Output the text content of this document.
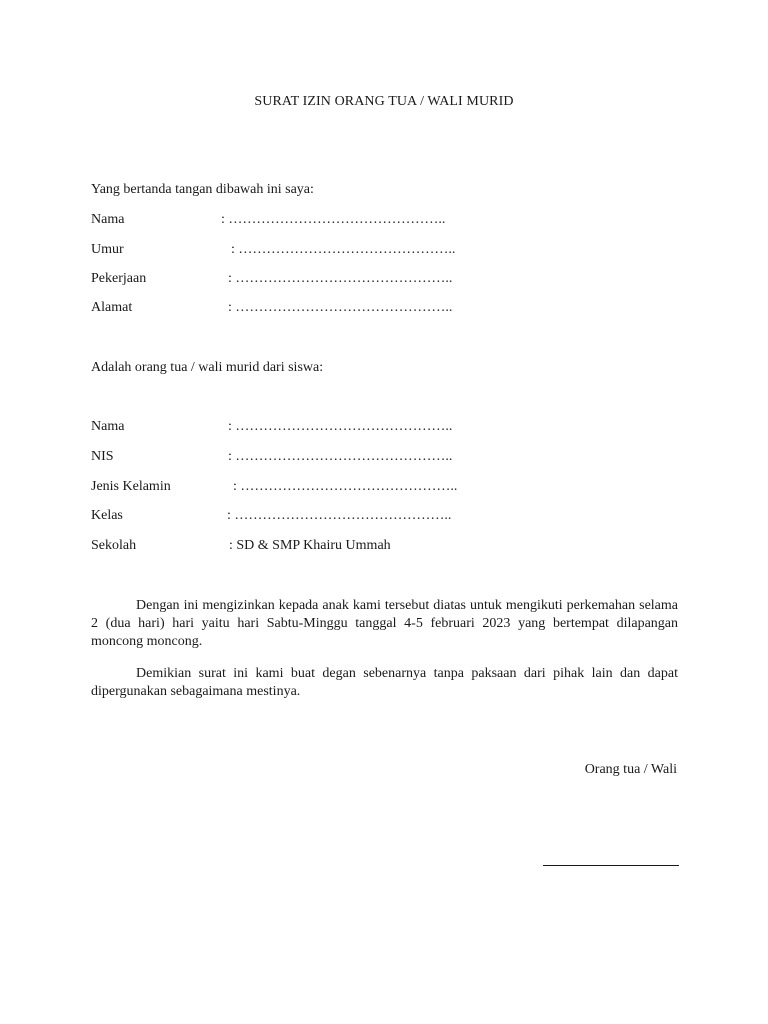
SURAT IZIN ORANG TUA / WALI MURID
Yang bertanda tangan dibawah ini saya:
Nama	: ………………………………………..
Umur	: ………………………………………..
Pekerjaan	: ………………………………………..
Alamat	: ………………………………………..
Adalah orang tua / wali murid dari siswa:
Nama	: ………………………………………..
NIS	: ………………………………………..
Jenis Kelamin	: ………………………………………..
Kelas	: ………………………………………..
Sekolah	: SD & SMP Khairu Ummah
Dengan ini mengizinkan kepada anak kami tersebut diatas untuk mengikuti perkemahan selama 2 (dua hari) hari yaitu hari Sabtu-Minggu tanggal 4-5 februari 2023 yang bertempat dilapangan moncong moncong.
Demikian surat ini kami buat degan sebenarnya tanpa paksaan dari pihak lain dan dapat dipergunakan sebagaimana mestinya.
Orang tua / Wali
